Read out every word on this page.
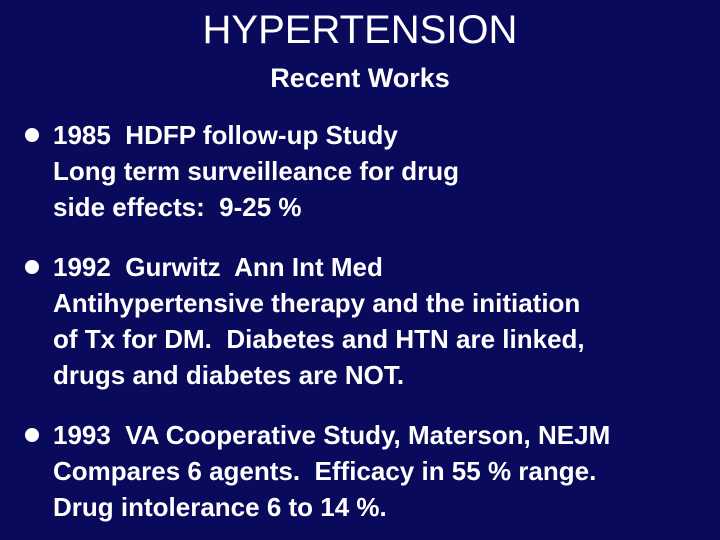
HYPERTENSION
Recent Works
1985  HDFP follow-up Study
Long term surveilleance for drug
side effects:  9-25 %
1992  Gurwitz  Ann Int Med
Antihypertensive therapy and the initiation
of Tx for DM.  Diabetes and HTN are linked,
drugs and diabetes are NOT.
1993  VA Cooperative Study, Materson, NEJM
Compares 6 agents.  Efficacy in 55 % range.
Drug intolerance 6 to 14 %.
